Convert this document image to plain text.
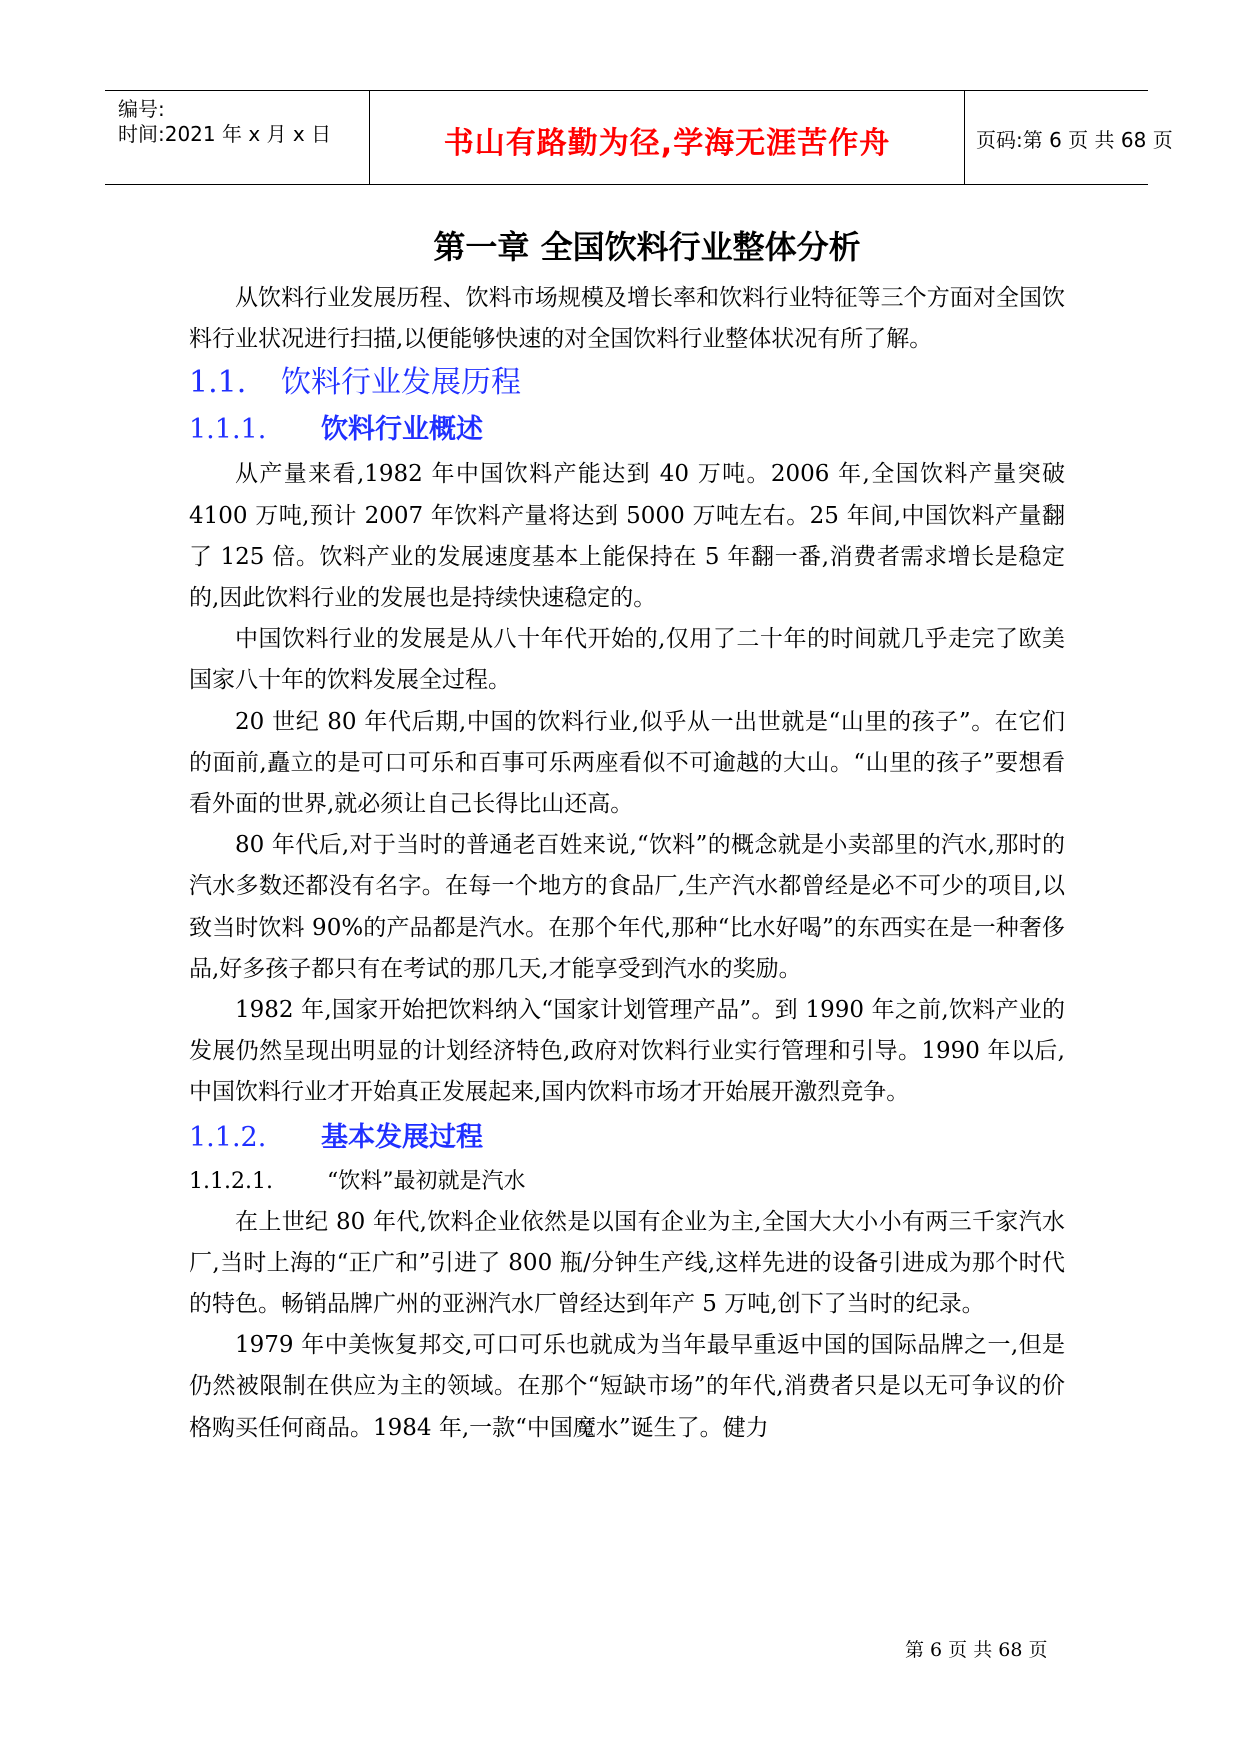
编号:
时间:2021 年 x 月 x 日	书山有路勤为径,学海无涯苦作舟	页码:第 6 页 共 68 页
第一章 全国饮料行业整体分析

从饮料行业发展历程、饮料市场规模及增长率和饮料行业特征等三个方面对全国饮料行业状况进行扫描,以便能够快速的对全国饮料行业整体状况有所了解。

1.1. 饮料行业发展历程
1.1.1. 饮料行业概述

从产量来看,1982 年中国饮料产能达到 40 万吨。2006 年,全国饮料产量突破 4100 万吨,预计 2007 年饮料产量将达到 5000 万吨左右。25 年间,中国饮料产量翻了 125 倍。饮料产业的发展速度基本上能保持在 5 年翻一番,消费者需求增长是稳定的,因此饮料行业的发展也是持续快速稳定的。

中国饮料行业的发展是从八十年代开始的,仅用了二十年的时间就几乎走完了欧美国家八十年的饮料发展全过程。

20 世纪 80 年代后期,中国的饮料行业,似乎从一出世就是“山里的孩子”。在它们的面前,矗立的是可口可乐和百事可乐两座看似不可逾越的大山。“山里的孩子”要想看看外面的世界,就必须让自己长得比山还高。

80 年代后,对于当时的普通老百姓来说,“饮料”的概念就是小卖部里的汽水,那时的汽水多数还都没有名字。在每一个地方的食品厂,生产汽水都曾经是必不可少的项目,以致当时饮料 90%的产品都是汽水。在那个年代,那种“比水好喝”的东西实在是一种奢侈品,好多孩子都只有在考试的那几天,才能享受到汽水的奖励。

1982 年,国家开始把饮料纳入“国家计划管理产品”。到 1990 年之前,饮料产业的发展仍然呈现出明显的计划经济特色,政府对饮料行业实行管理和引导。1990 年以后,中国饮料行业才开始真正发展起来,国内饮料市场才开始展开激烈竞争。

1.1.2. 基本发展过程
1.1.2.1. “饮料”最初就是汽水

在上世纪 80 年代,饮料企业依然是以国有企业为主,全国大大小小有两三千家汽水厂,当时上海的“正广和”引进了 800 瓶/分钟生产线,这样先进的设备引进成为那个时代的特色。畅销品牌广州的亚洲汽水厂曾经达到年产 5 万吨,创下了当时的纪录。

1979 年中美恢复邦交,可口可乐也就成为当年最早重返中国的国际品牌之一,但是仍然被限制在供应为主的领域。在那个“短缺市场”的年代,消费者只是以无可争议的价格购买任何商品。1984 年,一款“中国魔水”诞生了。健力

第 6 页 共 68 页
